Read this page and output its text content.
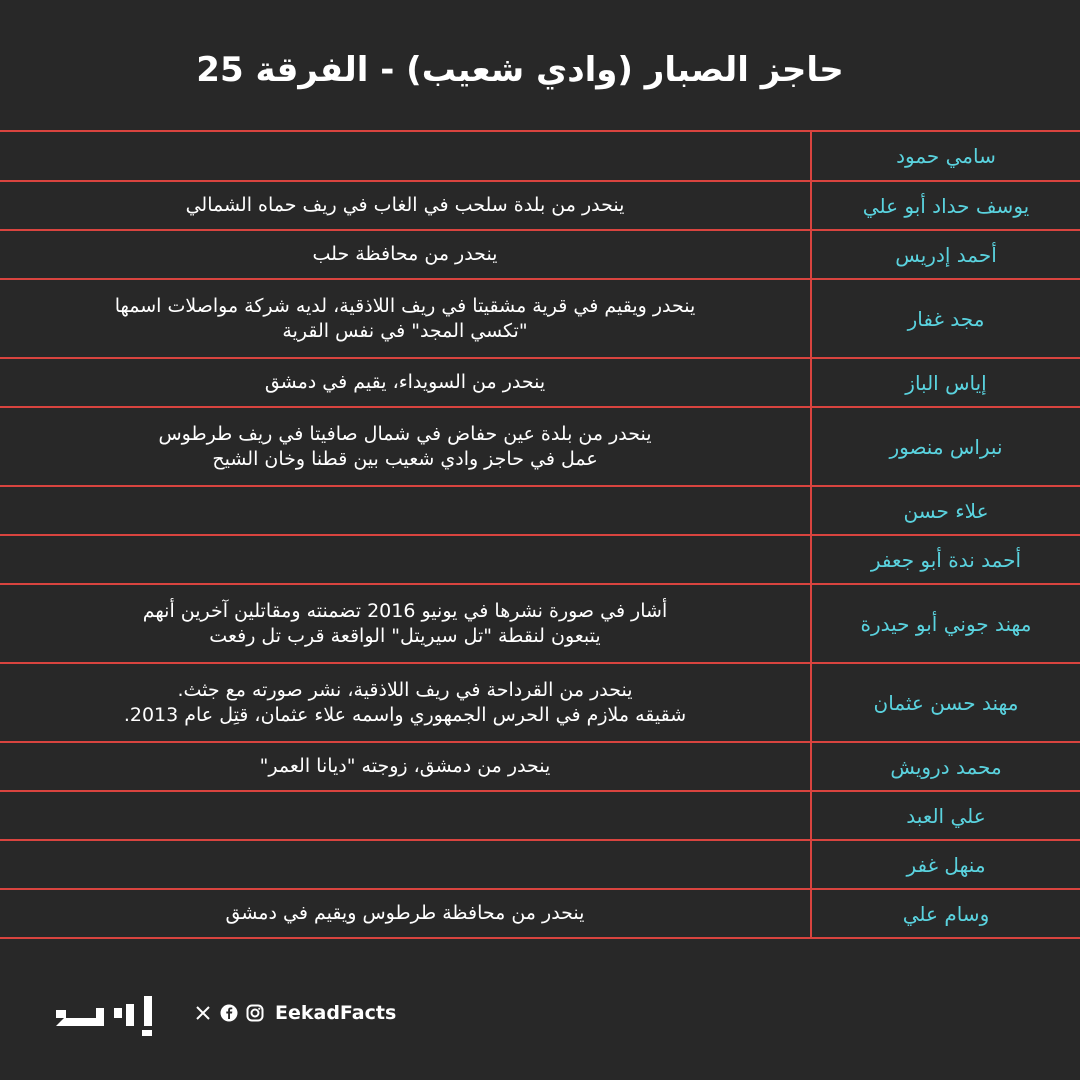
حاجز الصبار (وادي شعيب) - الفرقة 25
	سامي حمود

ينحدر من بلدة سلحب في الغاب في ريف حماه الشمالي	يوسف حداد أبو علي

ينحدر من محافظة حلب	أحمد إدريس

ينحدر ويقيم في قرية مشقيتا في ريف اللاذقية، لديه شركة مواصلات اسمها
"تكسي المجد" في نفس القرية	مجد غفار

ينحدر من السويداء، يقيم في دمشق	إياس الباز

ينحدر من بلدة عين حفاض في شمال صافيتا في ريف طرطوس
عمل في حاجز وادي شعيب بين قطنا وخان الشيح	نبراس منصور

	علاء حسن

	أحمد ندة أبو جعفر

أشار في صورة نشرها في يونيو 2016 تضمنته ومقاتلين آخرين أنهم
يتبعون لنقطة "تل سيريتل" الواقعة قرب تل رفعت	مهند جوني أبو حيدرة

ينحدر من القرداحة في ريف اللاذقية، نشر صورته مع جثث.
شقيقه ملازم في الحرس الجمهوري واسمه علاء عثمان، قتِل عام 2013.	مهند حسن عثمان

ينحدر من دمشق، زوجته "ديانا العمر"	محمد درويش

	علي العبد

	منهل غفر

ينحدر من محافظة طرطوس ويقيم في دمشق	وسام علي
EekadFacts
